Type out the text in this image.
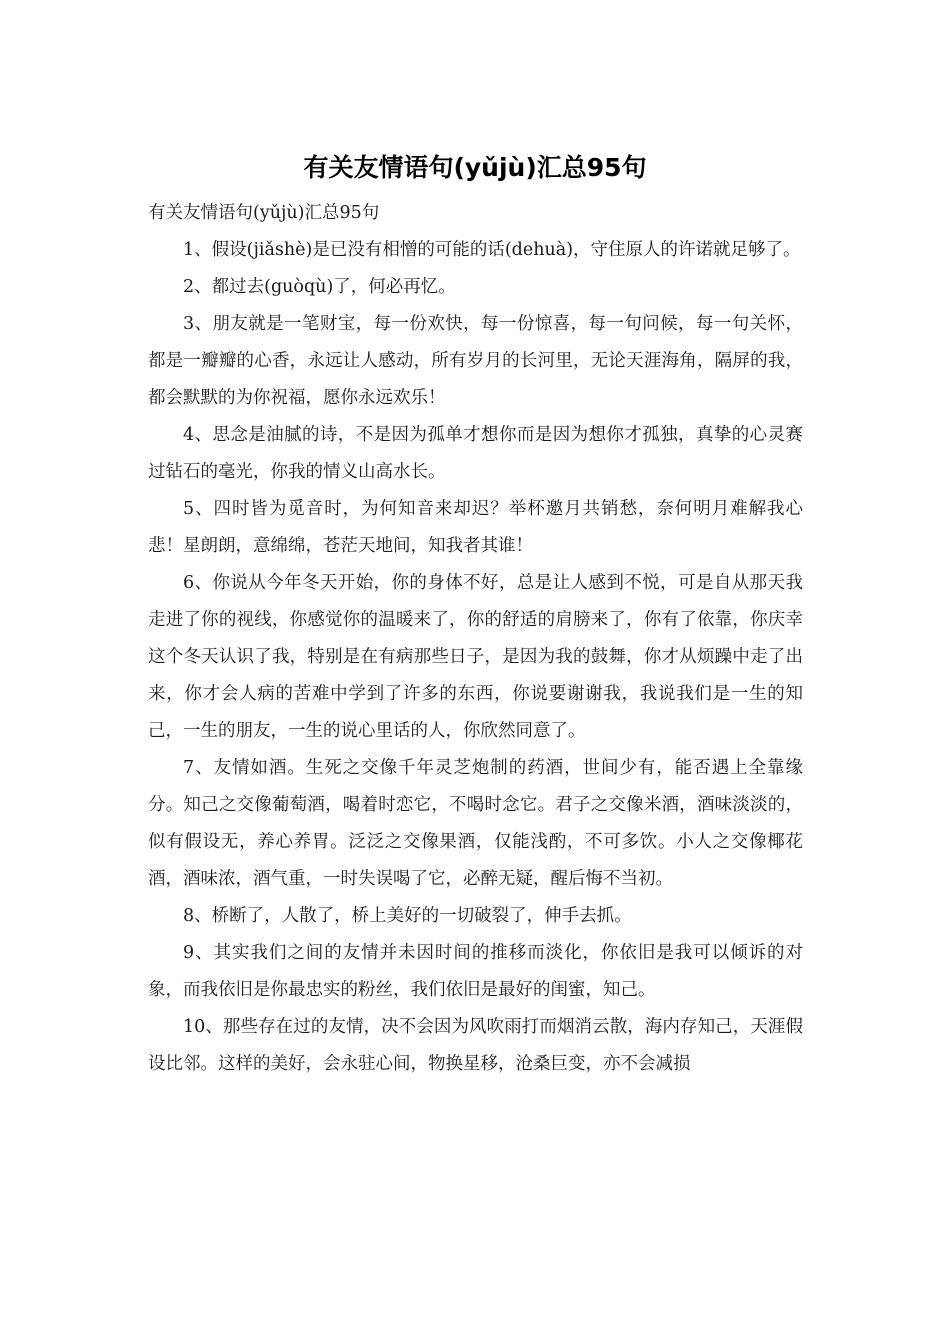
有关友情语句(yǔjù)汇总95句

有关友情语句(yǔjù)汇总95句

1、假设(jiǎshè)是已没有相憎的可能的话(dehuà)，守住原人的许诺就足够了。

2、都过去(guòqù)了，何必再忆。

3、朋友就是一笔财宝，每一份欢快，每一份惊喜，每一句问候，每一句关怀，都是一瓣瓣的心香，永远让人感动，所有岁月的长河里，无论天涯海角，隔屏的我，都会默默的为你祝福，愿你永远欢乐！

4、思念是油腻的诗，不是因为孤单才想你而是因为想你才孤独，真挚的心灵赛过钻石的毫光，你我的情义山高水长。

5、四时皆为觅音时，为何知音来却迟？举杯邀月共销愁，奈何明月难解我心悲！星朗朗，意绵绵，苍茫天地间，知我者其谁！

6、你说从今年冬天开始，你的身体不好，总是让人感到不悦，可是自从那天我走进了你的视线，你感觉你的温暖来了，你的舒适的肩膀来了，你有了依靠，你庆幸这个冬天认识了我，特别是在有病那些日子，是因为我的鼓舞，你才从烦躁中走了出来，你才会人病的苦难中学到了许多的东西，你说要谢谢我，我说我们是一生的知己，一生的朋友，一生的说心里话的人，你欣然同意了。

7、友情如酒。生死之交像千年灵芝炮制的药酒，世间少有，能否遇上全靠缘分。知己之交像葡萄酒，喝着时恋它，不喝时念它。君子之交像米酒，酒味淡淡的，似有假设无，养心养胃。泛泛之交像果酒，仅能浅酌，不可多饮。小人之交像椰花酒，酒味浓，酒气重，一时失误喝了它，必醉无疑，醒后悔不当初。

8、桥断了，人散了，桥上美好的一切破裂了，伸手去抓。

9、其实我们之间的友情并未因时间的推移而淡化，你依旧是我可以倾诉的对象，而我依旧是你最忠实的粉丝，我们依旧是最好的闺蜜，知己。

10、那些存在过的友情，决不会因为风吹雨打而烟消云散，海内存知己，天涯假设比邻。这样的美好，会永驻心间，物换星移，沧桑巨变，亦不会减损
